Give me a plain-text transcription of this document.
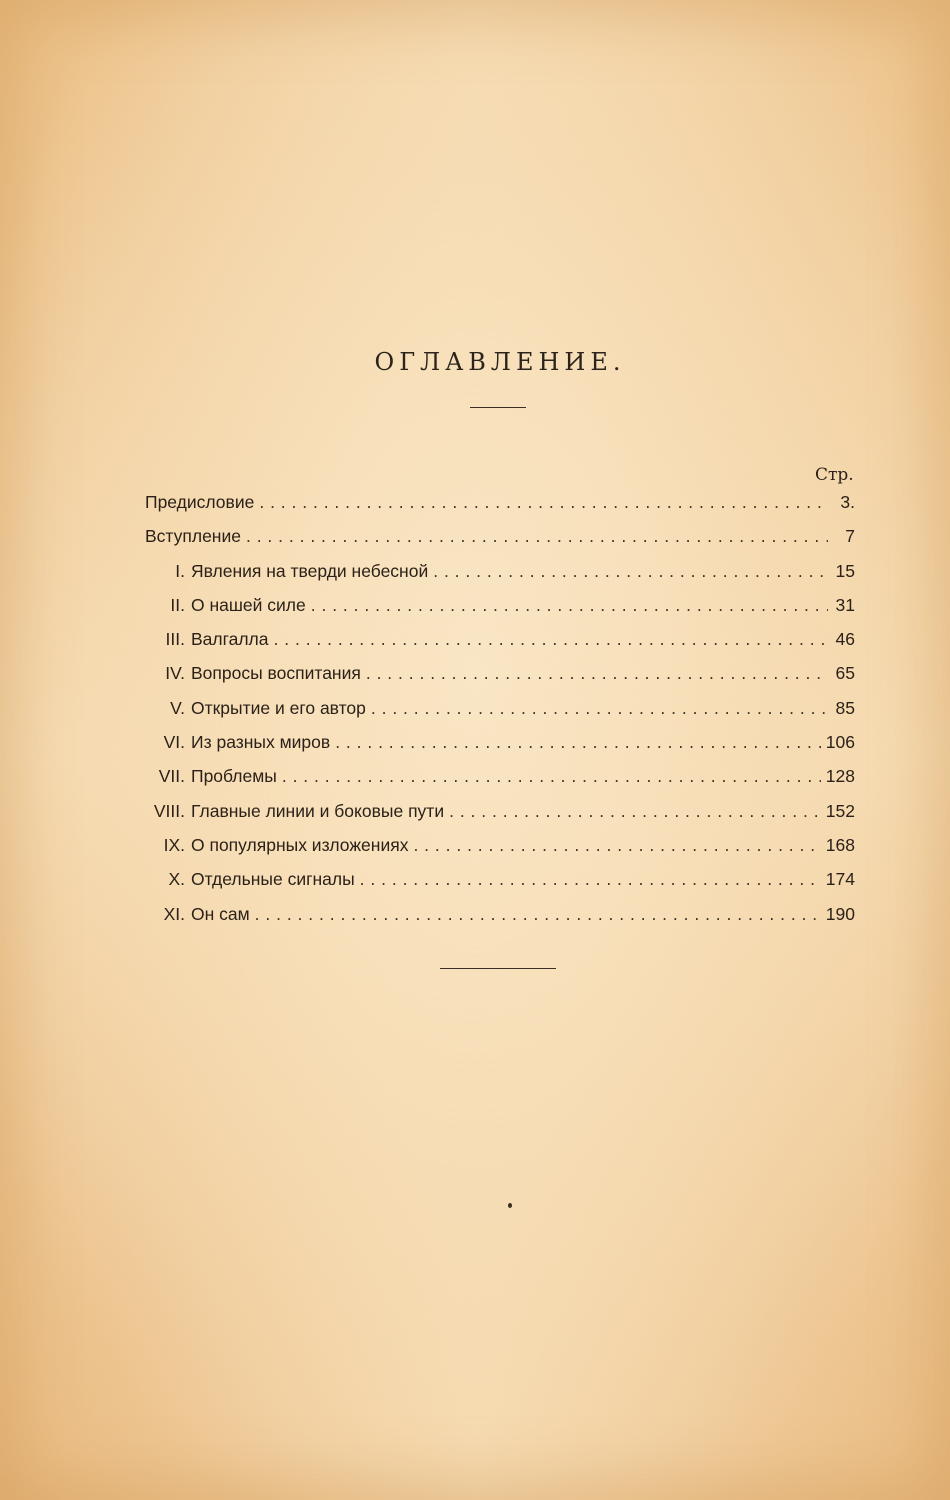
ОГЛАВЛЕНИЕ.
Стр.
Предисловие . . .	3.
Вступление . . .	7
I. Явления на тверди небесной . . .	15
II. О нашей силе . . .	31
III. Валгалла . . .	46
IV. Вопросы воспитания . . .	65
V. Открытие и его автор . . .	85
VI. Из разных миров . . .	106
VII. Проблемы . . .	128
VIII. Главные линии и боковые пути . . .	152
IX. О популярных изложениях . . .	168
X. Отдельные сигналы . . .	174
XI. Он сам . . .	190
